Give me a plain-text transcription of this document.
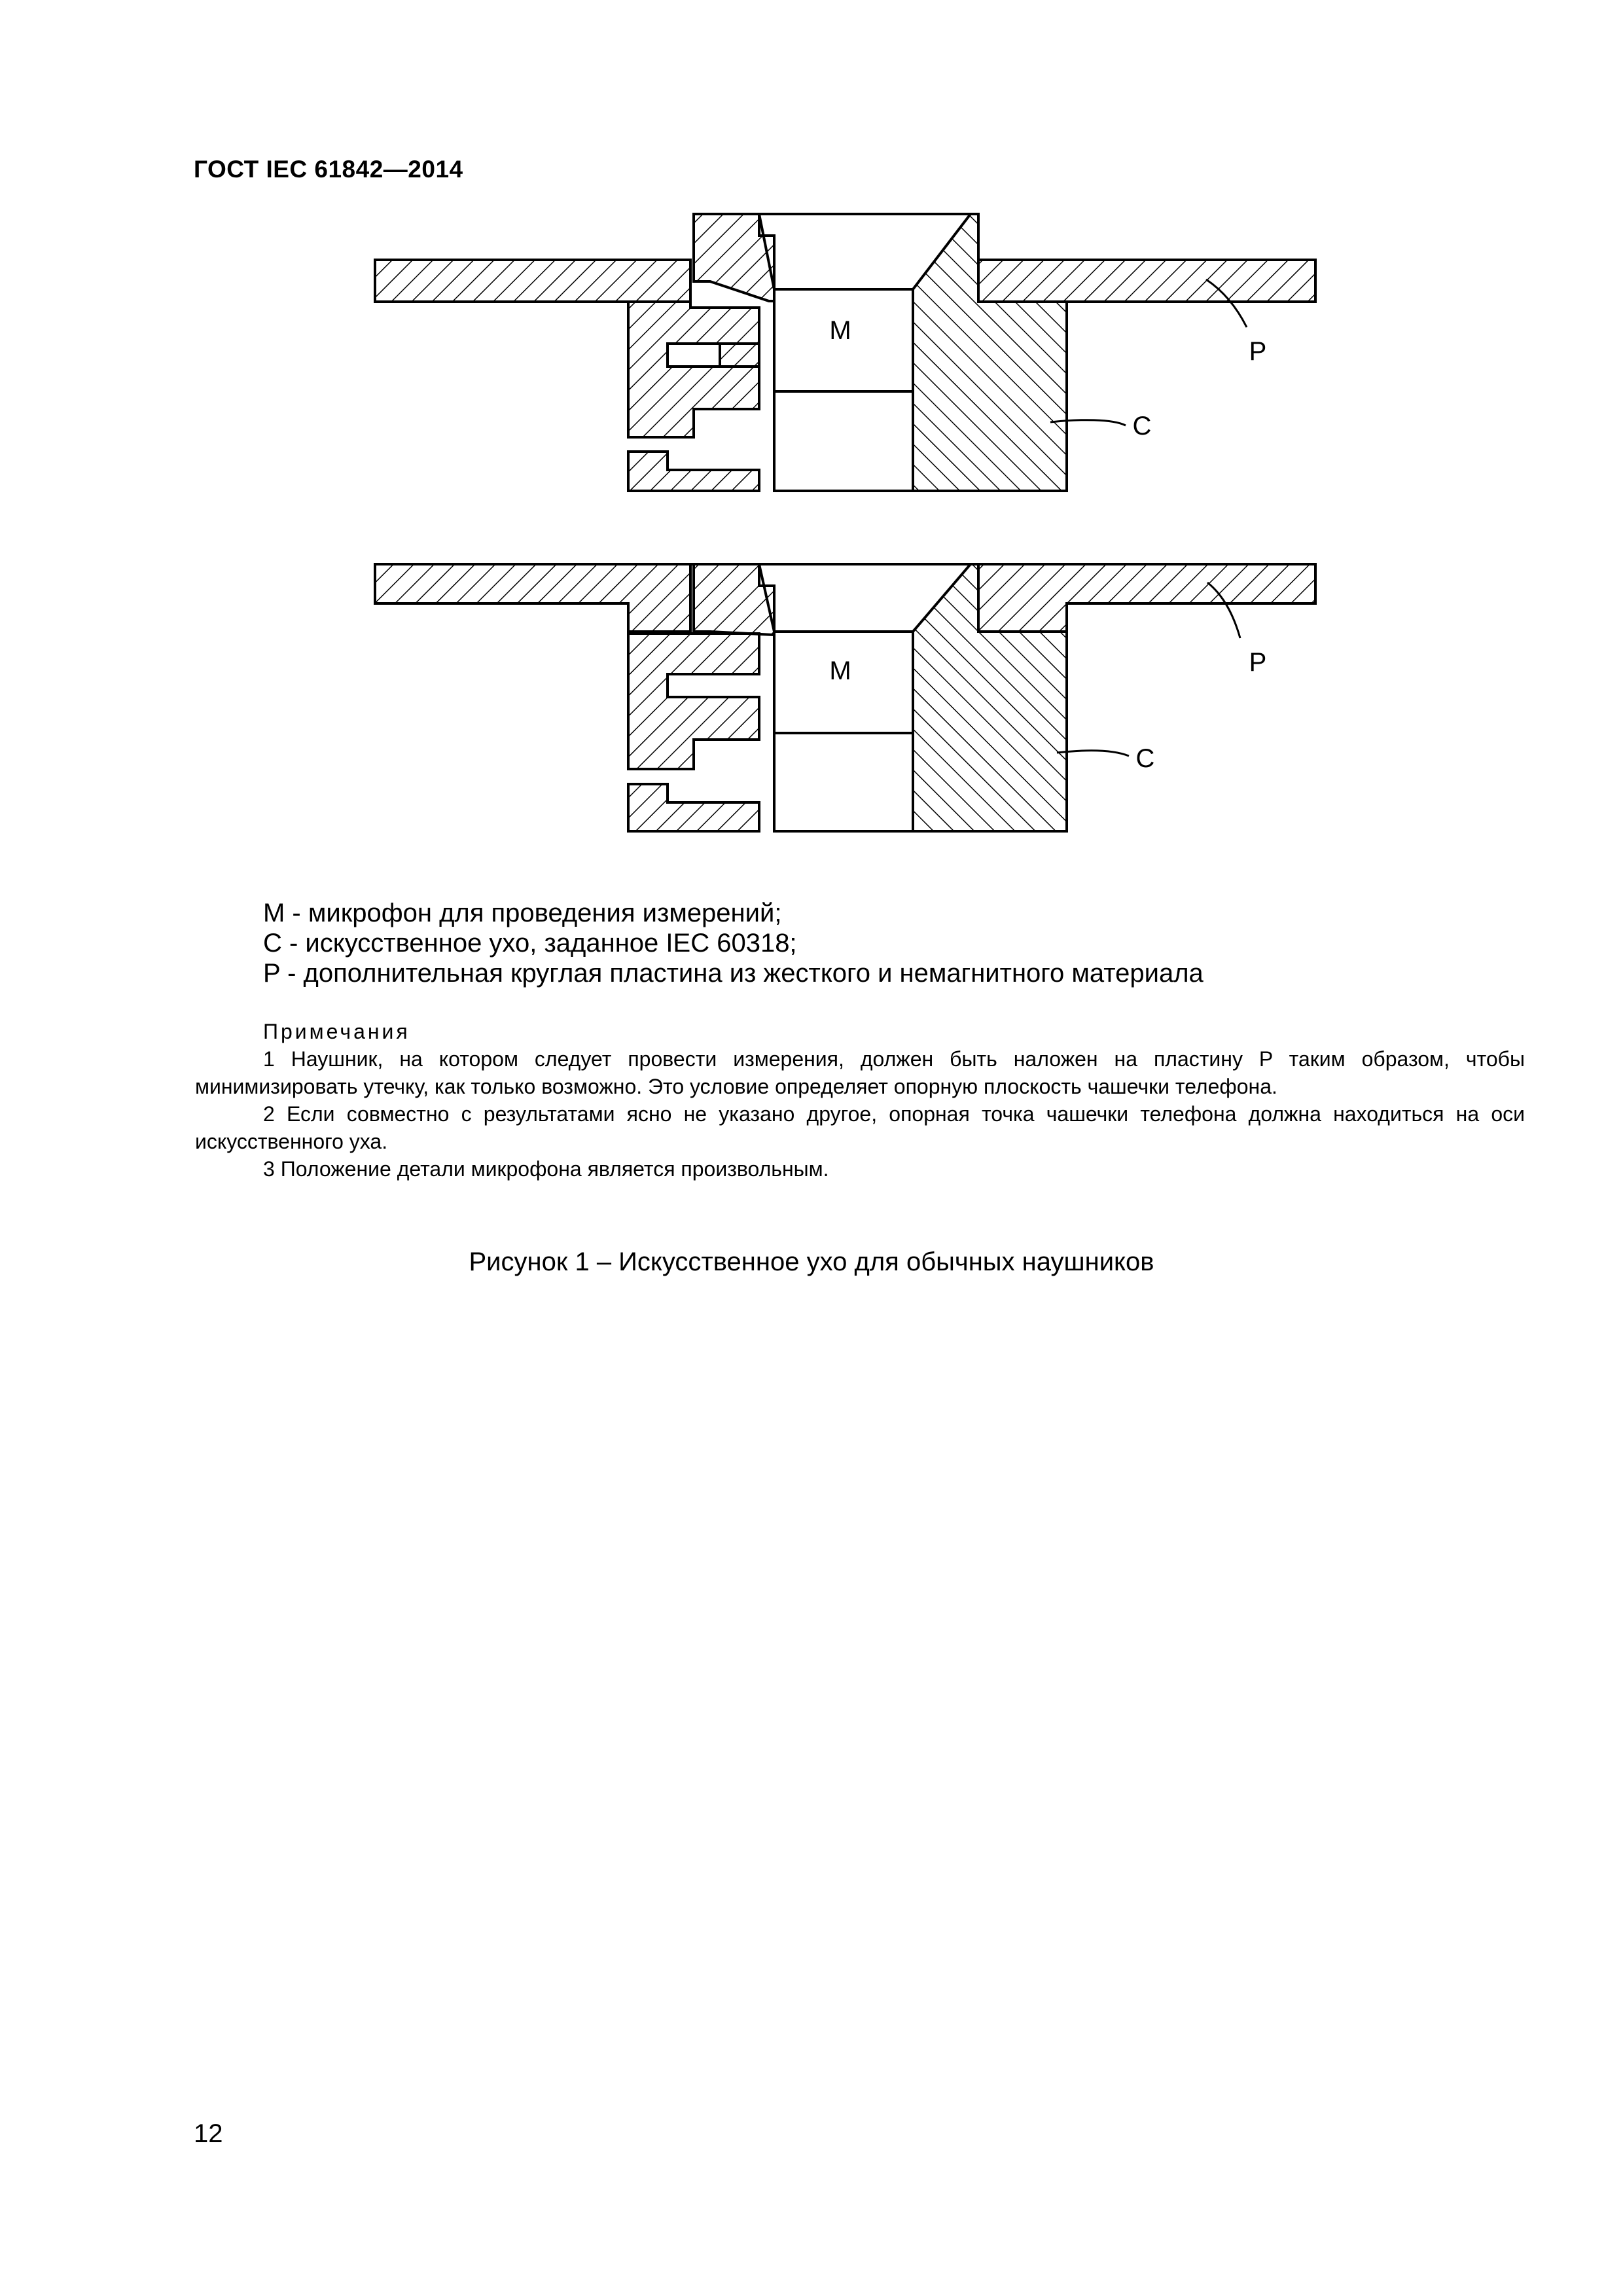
ГОСТ IEC 61842—2014
M
P
C
M	P
C
M - микрофон для проведения измерений;
C - искусственное ухо, заданное IEC 60318;
P - дополнительная круглая пластина из жесткого и немагнитного материала
Примечания
1 Наушник, на котором следует провести измерения, должен быть наложен на пластину P таким образом, чтобы минимизировать утечку, как только возможно. Это условие определяет опорную плоскость чашечки телефона.
2 Если совместно с результатами ясно не указано другое, опорная точка чашечки телефона должна находиться на оси искусственного уха.
3 Положение детали микрофона является произвольным.
Рисунок 1 – Искусственное ухо для обычных наушников
12
